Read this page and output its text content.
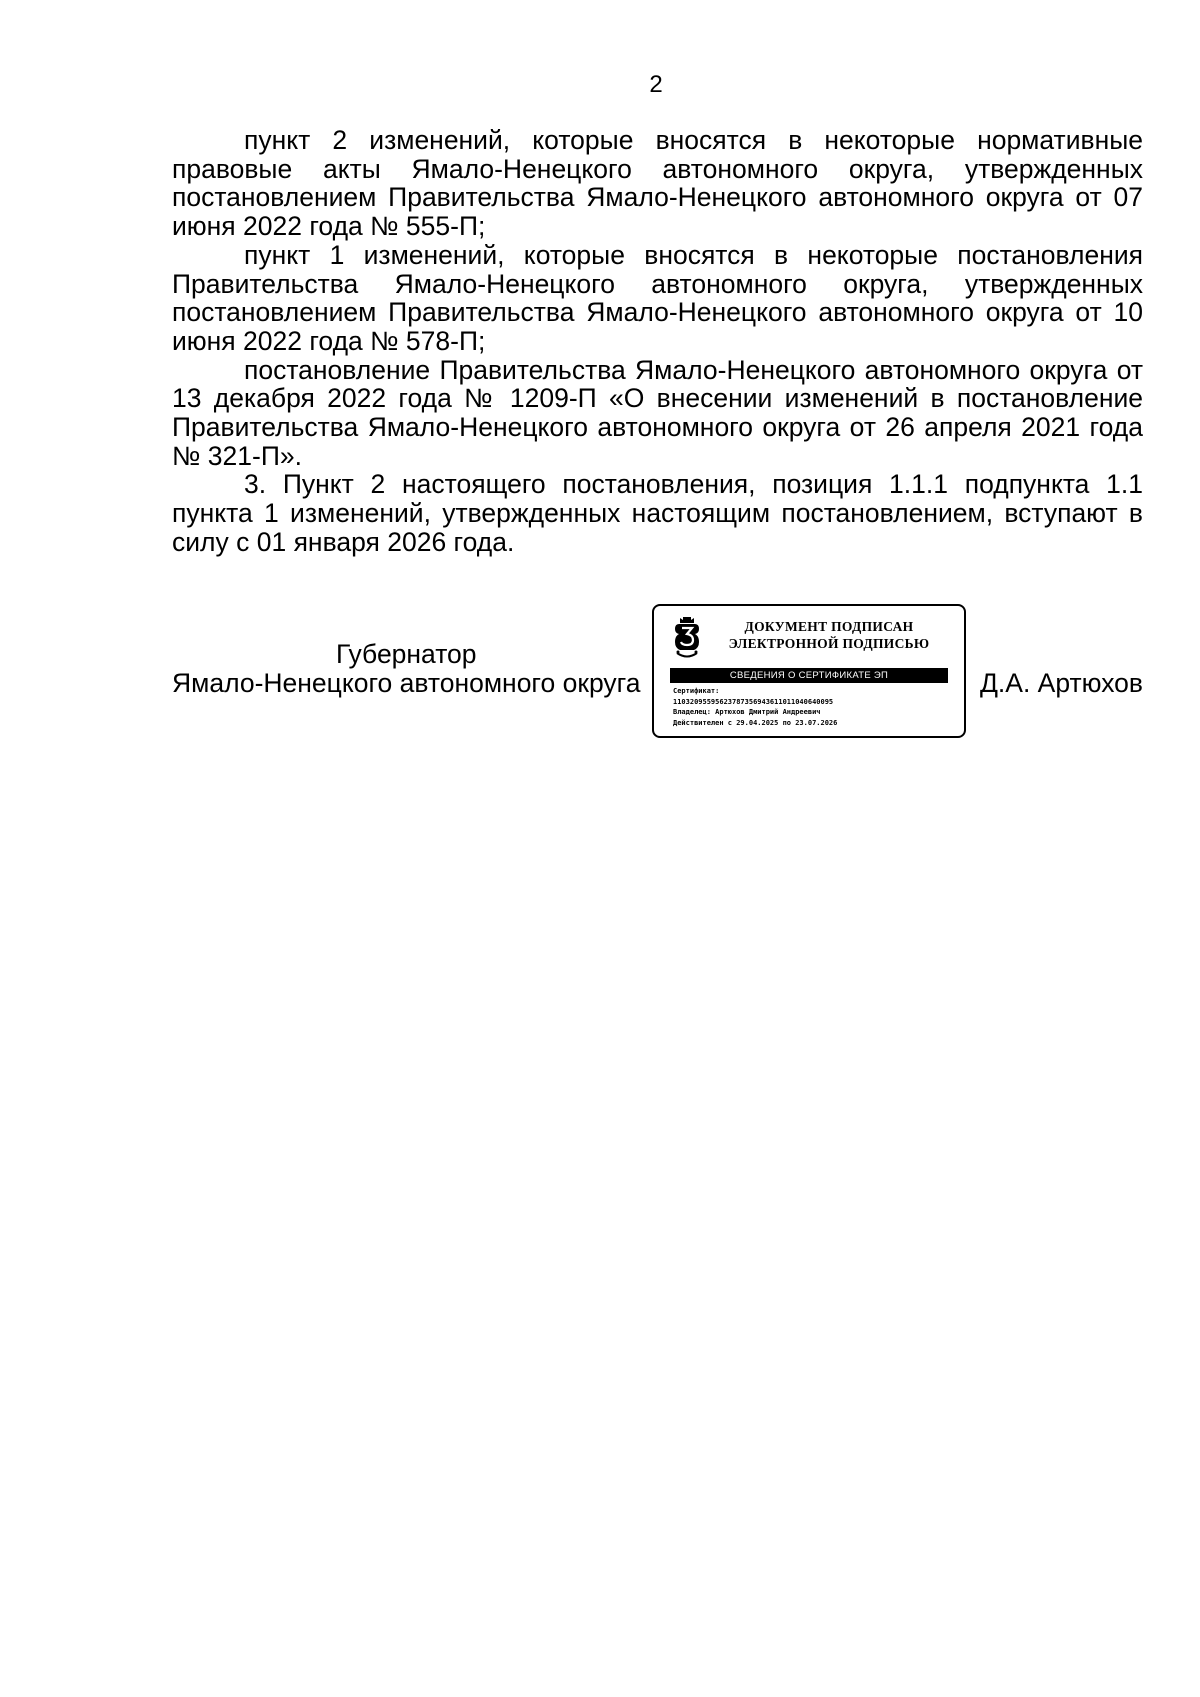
2

пункт 2 изменений, которые вносятся в некоторые нормативные правовые акты Ямало-Ненецкого автономного округа, утвержденных постановлением Правительства Ямало-Ненецкого автономного округа от 07 июня 2022 года № 555-П;

пункт 1 изменений, которые вносятся в некоторые постановления Правительства Ямало-Ненецкого автономного округа, утвержденных постановлением Правительства Ямало-Ненецкого автономного округа от 10 июня 2022 года № 578-П;

постановление Правительства Ямало-Ненецкого автономного округа от 13 декабря 2022 года № 1209-П «О внесении изменений в постановление Правительства Ямало-Ненецкого автономного округа от 26 апреля 2021 года № 321-П».

3. Пункт 2 настоящего постановления, позиция 1.1.1 подпункта 1.1 пункта 1 изменений, утвержденных настоящим постановлением, вступают в силу с 01 января 2026 года.

Губернатор
Ямало-Ненецкого автономного округа
ДОКУМЕНТ ПОДПИСАН
ЭЛЕКТРОННОЙ ПОДПИСЬЮ
СВЕДЕНИЯ О СЕРТИФИКАТЕ ЭП
Сертификат:
11032095595623787356943611011040640095
Владелец: Артюхов Дмитрий Андреевич
Действителен с 29.04.2025 по 23.07.2026
Д.А. Артюхов
